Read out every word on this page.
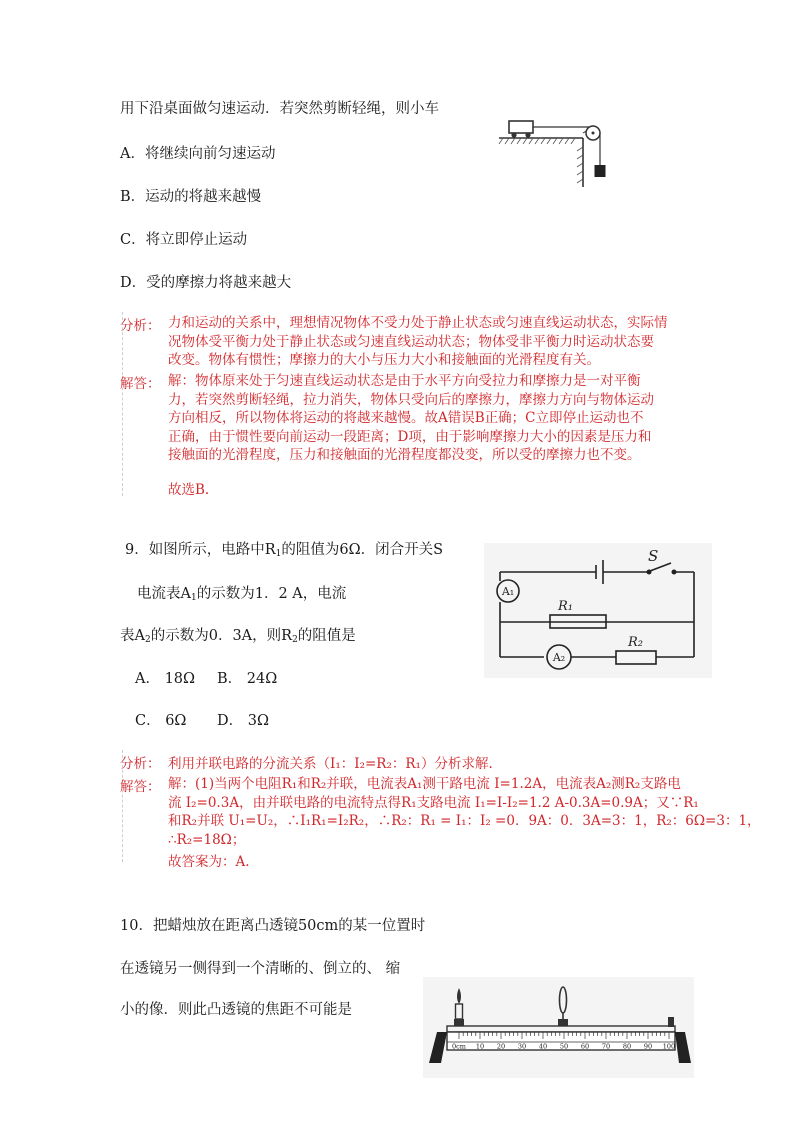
用下沿桌面做匀速运动．若突然剪断轻绳，则小车
A．将继续向前匀速运动
B．运动的将越来越慢
C．将立即停止运动
D．受的摩擦力将越来越大
分析： 力和运动的关系中，理想情况物体不受力处于静止状态或匀速直线运动状态，实际情
况物体受平衡力处于静止状态或匀速直线运动状态；物体受非平衡力时运动状态要
改变。物体有惯性；摩擦力的大小与压力大小和接触面的光滑程度有关。
解答： 解：物体原来处于匀速直线运动状态是由于水平方向受拉力和摩擦力是一对平衡
力，若突然剪断轻绳，拉力消失，物体只受向后的摩擦力，摩擦力方向与物体运动
方向相反，所以物体将运动的将越来越慢。故A错误B正确；C立即停止运动也不
正确，由于惯性要向前运动一段距离；D项，由于影响摩擦力大小的因素是压力和
接触面的光滑程度，压力和接触面的光滑程度都没变，所以受的摩擦力也不变。
故选B.
9．如图所示，电路中$R_1$的阻值为6Ω．闭合开关S
电流表$A_1$的示数为1．2 A，电流
表$A_2$的示数为0．3A，则$R_2$的阻值是
A． 18Ω B． 24Ω
C． 6Ω D． 3Ω
S
A₁
R₁
A₂
R₂
分析： 利用并联电路的分流关系（I₁：I₂=R₂：R₁）分析求解.
解答： 解：(1)当两个电阻R₁和R₂并联，电流表A₁测干路电流 I=1.2A，电流表A₂测R₂支路电
流 I₂=0.3A，由并联电路的电流特点得R₁支路电流 I₁=I-I₂=1.2 A-0.3A=0.9A；又∵R₁
和R₂并联 U₁=U₂，∴I₁R₁=I₂R₂，∴R₂：R₁ = I₁：I₂ =0．9A：0．3A=3：1，R₂：6Ω=3：1，
∴R₂=18Ω；
故答案为：A.
10．把蜡烛放在距离凸透镜50cm的某一位置时
在透镜另一侧得到一个清晰的、倒立的、 缩
小的像．则此凸透镜的焦距不可能是
0cm 10 20 30 40 50 60 70 80 90 100
